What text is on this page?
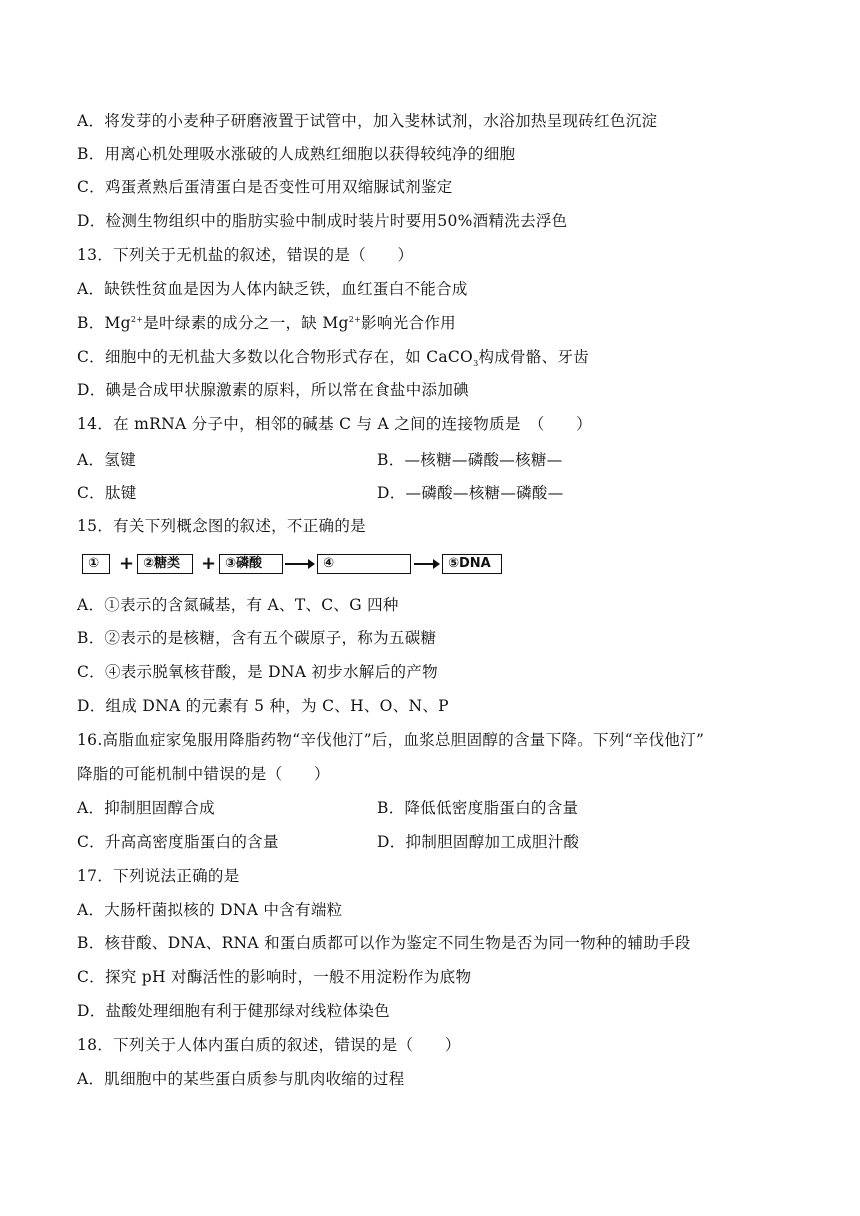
A．将发芽的小麦种子研磨液置于试管中，加入斐林试剂，水浴加热呈现砖红色沉淀
B．用离心机处理吸水涨破的人成熟红细胞以获得较纯净的细胞
C．鸡蛋煮熟后蛋清蛋白是否变性可用双缩脲试剂鉴定
D．检测生物组织中的脂肪实验中制成时装片时要用50%酒精洗去浮色
13．下列关于无机盐的叙述，错误的是（　　）
A．缺铁性贫血是因为人体内缺乏铁，血红蛋白不能合成
B．$Mg^{2+}$是叶绿素的成分之一，缺 $Mg^{2+}$影响光合作用
C．细胞中的无机盐大多数以化合物形式存在，如 CaCO$_3$构成骨骼、牙齿
D．碘是合成甲状腺激素的原料，所以常在食盐中添加碘
14．在 mRNA 分子中，相邻的碱基 C 与 A 之间的连接物质是　（　　）
A．氢键	B．—核糖—磷酸—核糖—
C．肽键	D．—磷酸—核糖—磷酸—
15．有关下列概念图的叙述，不正确的是
①	+ ②糖类	+ ③磷酸	④	⑤DNA
A．①表示的含氮碱基，有 A、T、C、G 四种
B．②表示的是核糖，含有五个碳原子，称为五碳糖
C．④表示脱氧核苷酸，是 DNA 初步水解后的产物
D．组成 DNA 的元素有 5 种，为 C、H、O、N、P
16.高脂血症家兔服用降脂药物“辛伐他汀”后，血浆总胆固醇的含量下降。下列“辛伐他汀”
降脂的可能机制中错误的是（　　）
A．抑制胆固醇合成	B．降低低密度脂蛋白的含量
C．升高高密度脂蛋白的含量	D．抑制胆固醇加工成胆汁酸
17．下列说法正确的是
A．大肠杆菌拟核的 DNA 中含有端粒
B．核苷酸、DNA、RNA 和蛋白质都可以作为鉴定不同生物是否为同一物种的辅助手段
C．探究 pH 对酶活性的影响时，一般不用淀粉作为底物
D．盐酸处理细胞有利于健那绿对线粒体染色
18．下列关于人体内蛋白质的叙述，错误的是（　　）
A．肌细胞中的某些蛋白质参与肌肉收缩的过程
